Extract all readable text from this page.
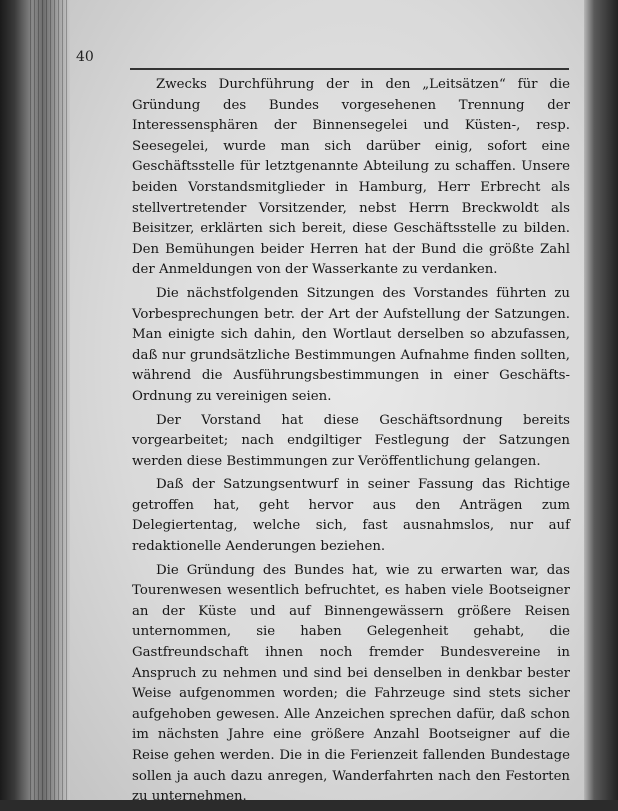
40

Zwecks Durchführung der in den „Leitsätzen“ für die Gründung des Bundes vorgesehenen Trennung der Interessensphären der Binnensegelei und Küsten-, resp. Seesegelei, wurde man sich darüber einig, sofort eine Geschäftsstelle für letztgenannte Abteilung zu schaffen. Unsere beiden Vorstandsmitglieder in Hamburg, Herr Erbrecht als stellvertretender Vorsitzender, nebst Herrn Breckwoldt als Beisitzer, erklärten sich bereit, diese Geschäftsstelle zu bilden. Den Bemühungen beider Herren hat der Bund die größte Zahl der Anmeldungen von der Wasserkante zu verdanken.

Die nächstfolgenden Sitzungen des Vorstandes führten zu Vorbesprechungen betr. der Art der Aufstellung der Satzungen. Man einigte sich dahin, den Wortlaut derselben so abzufassen, daß nur grundsätzliche Bestimmungen Aufnahme finden sollten, während die Ausführungsbestimmungen in einer Geschäfts-Ordnung zu vereinigen seien.

Der Vorstand hat diese Geschäftsordnung bereits vorgearbeitet; nach endgiltiger Festlegung der Satzungen werden diese Bestimmungen zur Veröffentlichung gelangen.

Daß der Satzungsentwurf in seiner Fassung das Richtige getroffen hat, geht hervor aus den Anträgen zum Delegiertentag, welche sich, fast ausnahmslos, nur auf redaktionelle Aenderungen beziehen.

Die Gründung des Bundes hat, wie zu erwarten war, das Tourenwesen wesentlich befruchtet, es haben viele Bootseigner an der Küste und auf Binnengewässern größere Reisen unternommen, sie haben Gelegenheit gehabt, die Gastfreundschaft ihnen noch fremder Bundesvereine in Anspruch zu nehmen und sind bei denselben in denkbar bester Weise aufgenommen worden; die Fahrzeuge sind stets sicher aufgehoben gewesen. Alle Anzeichen sprechen dafür, daß schon im nächsten Jahre eine größere Anzahl Bootseigner auf die Reise gehen werden. Die in die Ferienzeit fallenden Bundestage sollen ja auch dazu anregen, Wanderfahrten nach den Festorten zu unternehmen.
